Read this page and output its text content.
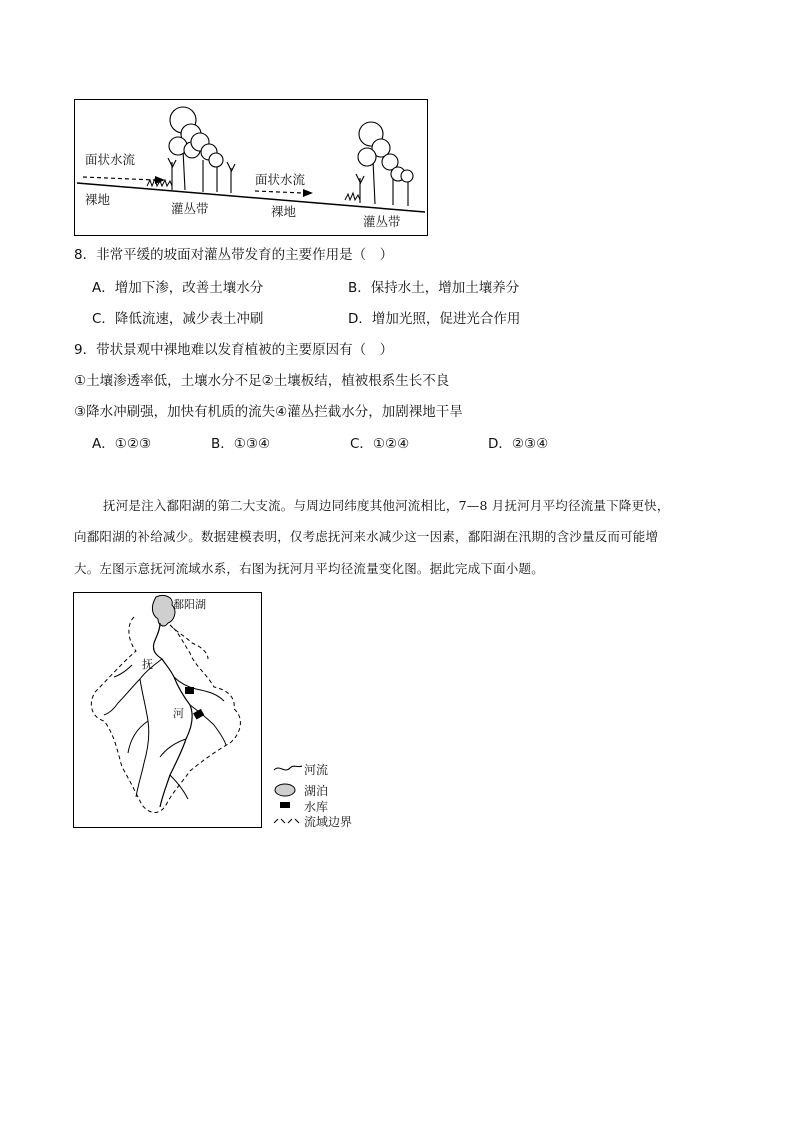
面状水流
裸地
灌丛带
面状水流
裸地
灌丛带
8．非常平缓的坡面对灌丛带发育的主要作用是（　）
A．增加下渗，改善土壤水分	B．保持水土，增加土壤养分
C．降低流速，减少表土冲刷	D．增加光照，促进光合作用
9．带状景观中裸地难以发育植被的主要原因有（　）
①土壤渗透率低，土壤水分不足②土壤板结，植被根系生长不良
③降水冲刷强，加快有机质的流失④灌丛拦截水分，加剧裸地干旱
A．①②③	B．①③④	C．①②④	D．②③④
抚河是注入鄱阳湖的第二大支流。与周边同纬度其他河流相比，7—8 月抚河月平均径流量下降更快，
向鄱阳湖的补给减少。数据建模表明，仅考虑抚河来水减少这一因素，鄱阳湖在汛期的含沙量反而可能增
大。左图示意抚河流域水系，右图为抚河月平均径流量变化图。据此完成下面小题。
鄱阳湖
抚
河
河流
湖泊
水库
流域边界
